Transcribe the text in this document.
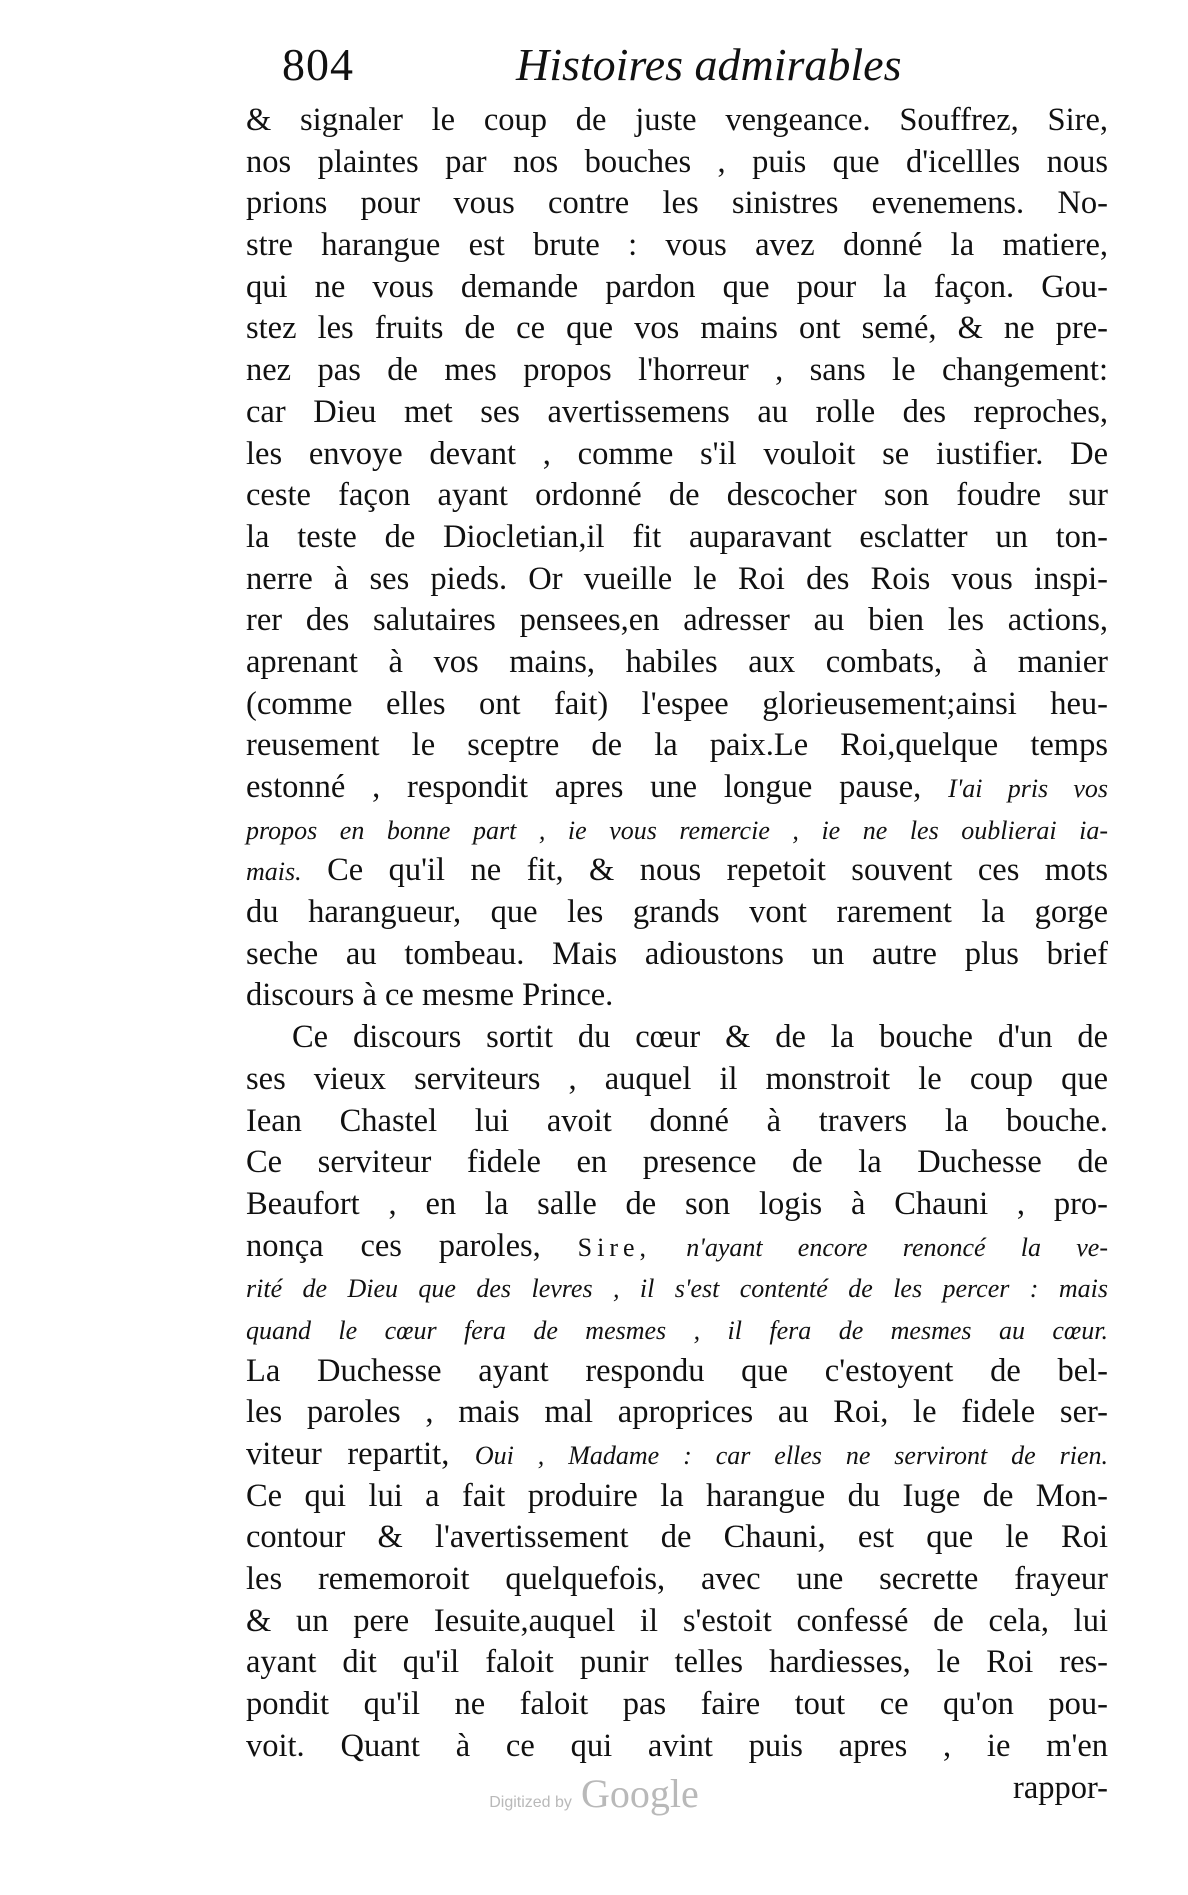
804	Histoires admirables
& signaler le coup de juste vengeance. Souffrez, Sire,
nos plaintes par nos bouches , puis que d'icellles nous
prions pour vous contre les sinistres evenemens. No-
stre harangue est brute : vous avez donné la matiere,
qui ne vous demande pardon que pour la façon. Gou-
stez les fruits de ce que vos mains ont semé, & ne pre-
nez pas de mes propos l'horreur , sans le changement:
car Dieu met ses avertissemens au rolle des reproches,
les envoye devant , comme s'il vouloit se iustifier. De
ceste façon ayant ordonné de descocher son foudre sur
la teste de Diocletian,il fit auparavant esclatter un ton-
nerre à ses pieds. Or vueille le Roi des Rois vous inspi-
rer des salutaires pensees,en adresser au bien les actions,
aprenant à vos mains, habiles aux combats, à manier
(comme elles ont fait) l'espee glorieusement;ainsi heu-
reusement le sceptre de la paix.Le Roi,quelque temps
estonné , respondit apres une longue pause, I'ai pris vos
propos en bonne part , ie vous remercie , ie ne les oublierai ia-
mais. Ce qu'il ne fit, & nous repetoit souvent ces mots
du harangueur, que les grands vont rarement la gorge
seche au tombeau. Mais adioustons un autre plus brief
discours à ce mesme Prince.
Ce discours sortit du cœur & de la bouche d'un de
ses vieux serviteurs , auquel il monstroit le coup que
Iean Chastel lui avoit donné à travers la bouche.
Ce serviteur fidele en presence de la Duchesse de
Beaufort , en la salle de son logis à Chauni , pro-
nonça ces paroles, Sire, n'ayant encore renoncé la ve-
rité de Dieu que des levres , il s'est contenté de les percer : mais
quand le cœur fera de mesmes , il fera de mesmes au cœur.
La Duchesse ayant respondu que c'estoyent de bel-
les paroles , mais mal aproprices au Roi, le fidele ser-
viteur repartit, Oui , Madame : car elles ne serviront de rien.
Ce qui lui a fait produire la harangue du Iuge de Mon-
contour & l'avertissement de Chauni, est que le Roi
les rememoroit quelquefois, avec une secrette frayeur
& un pere Iesuite,auquel il s'estoit confessé de cela, lui
ayant dit qu'il faloit punir telles hardiesses, le Roi res-
pondit qu'il ne faloit pas faire tout ce qu'on pou-
voit. Quant à ce qui avint puis apres , ie m'en
rappor-
Digitized by Google
